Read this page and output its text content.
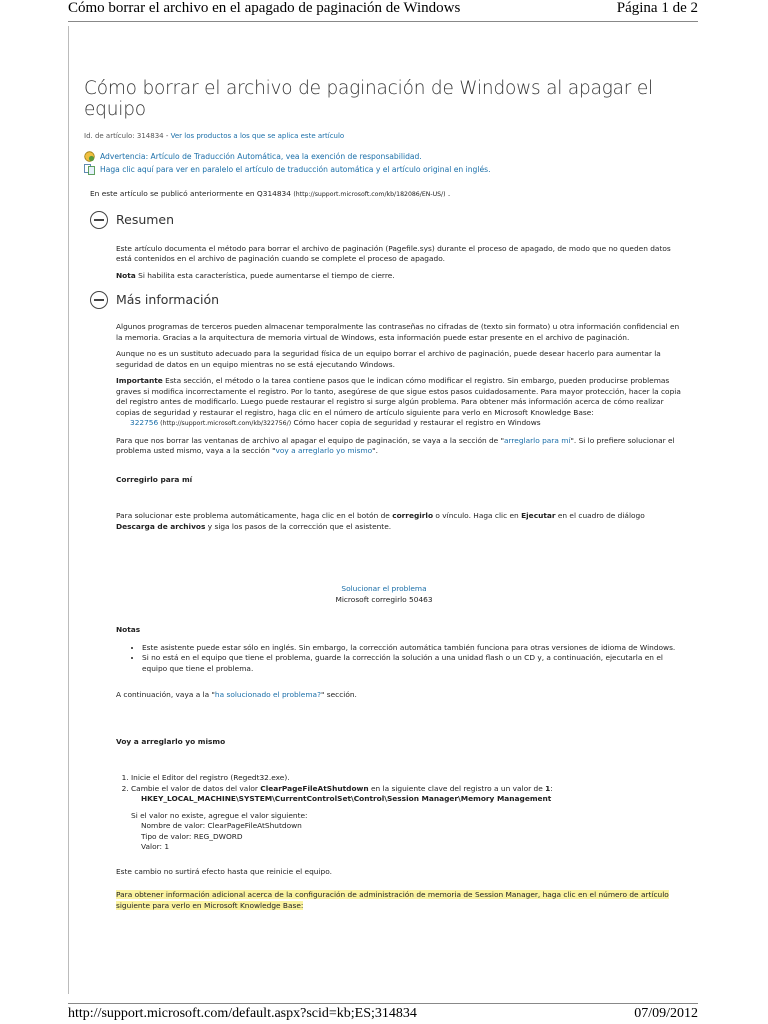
Cómo borrar el archivo en el apagado de paginación de Windows	Página 1 de 2
Cómo borrar el archivo de paginación de Windows al apagar el equipo
Id. de artículo: 314834 - Ver los productos a los que se aplica este artículo
Advertencia: Artículo de Traducción Automática, vea la exención de responsabilidad.
Haga clic aquí para ver en paralelo el artículo de traducción automática y el artículo original en inglés.

En este artículo se publicó anteriormente en Q314834 (http://support.microsoft.com/kb/182086/EN-US/) .

Resumen

Este artículo documenta el método para borrar el archivo de paginación (Pagefile.sys) durante el proceso de apagado, de modo que no queden datos está contenidos en el archivo de paginación cuando se complete el proceso de apagado.

Nota Si habilita esta característica, puede aumentarse el tiempo de cierre.

Más información

Algunos programas de terceros pueden almacenar temporalmente las contraseñas no cifradas de (texto sin formato) u otra información confidencial en la memoria. Gracias a la arquitectura de memoria virtual de Windows, esta información puede estar presente en el archivo de paginación.

Aunque no es un sustituto adecuado para la seguridad física de un equipo borrar el archivo de paginación, puede desear hacerlo para aumentar la seguridad de datos en un equipo mientras no se está ejecutando Windows.

Importante Esta sección, el método o la tarea contiene pasos que le indican cómo modificar el registro. Sin embargo, pueden producirse problemas graves si modifica incorrectamente el registro. Por lo tanto, asegúrese de que sigue estos pasos cuidadosamente. Para mayor protección, hacer la copia del registro antes de modificarlo. Luego puede restaurar el registro si surge algún problema. Para obtener más información acerca de cómo realizar copias de seguridad y restaurar el registro, haga clic en el número de artículo siguiente para verlo en Microsoft Knowledge Base:

322756 (http://support.microsoft.com/kb/322756/) Cómo hacer copia de seguridad y restaurar el registro en Windows

Para que nos borrar las ventanas de archivo al apagar el equipo de paginación, se vaya a la sección de "arreglarlo para mí". Si lo prefiere solucionar el problema usted mismo, vaya a la sección "voy a arreglarlo yo mismo".

Corregirlo para mí

Para solucionar este problema automáticamente, haga clic en el botón de corregirlo o vínculo. Haga clic en Ejecutar en el cuadro de diálogo Descarga de archivos y siga los pasos de la corrección que el asistente.

Solucionar el problema

Microsoft corregirlo 50463

Notas

• Este asistente puede estar sólo en inglés. Sin embargo, la corrección automática también funciona para otras versiones de idioma de Windows.
• Si no está en el equipo que tiene el problema, guarde la corrección la solución a una unidad flash o un CD y, a continuación, ejecutarla en el equipo que tiene el problema.

A continuación, vaya a la "ha solucionado el problema?" sección.

Voy a arreglarlo yo mismo

1. Inicie el Editor del registro (Regedt32.exe).
2. Cambie el valor de datos del valor ClearPageFileAtShutdown en la siguiente clave del registro a un valor de 1:
HKEY_LOCAL_MACHINE\SYSTEM\CurrentControlSet\Control\Session Manager\Memory Management

Si el valor no existe, agregue el valor siguiente:

Nombre de valor: ClearPageFileAtShutdown

Tipo de valor: REG_DWORD

Valor: 1

Este cambio no surtirá efecto hasta que reinicie el equipo.

Para obtener información adicional acerca de la configuración de administración de memoria de Session Manager, haga clic en el número de artículo siguiente para verlo en Microsoft Knowledge Base:

http://support.microsoft.com/default.aspx?scid=kb;ES;314834	07/09/2012
